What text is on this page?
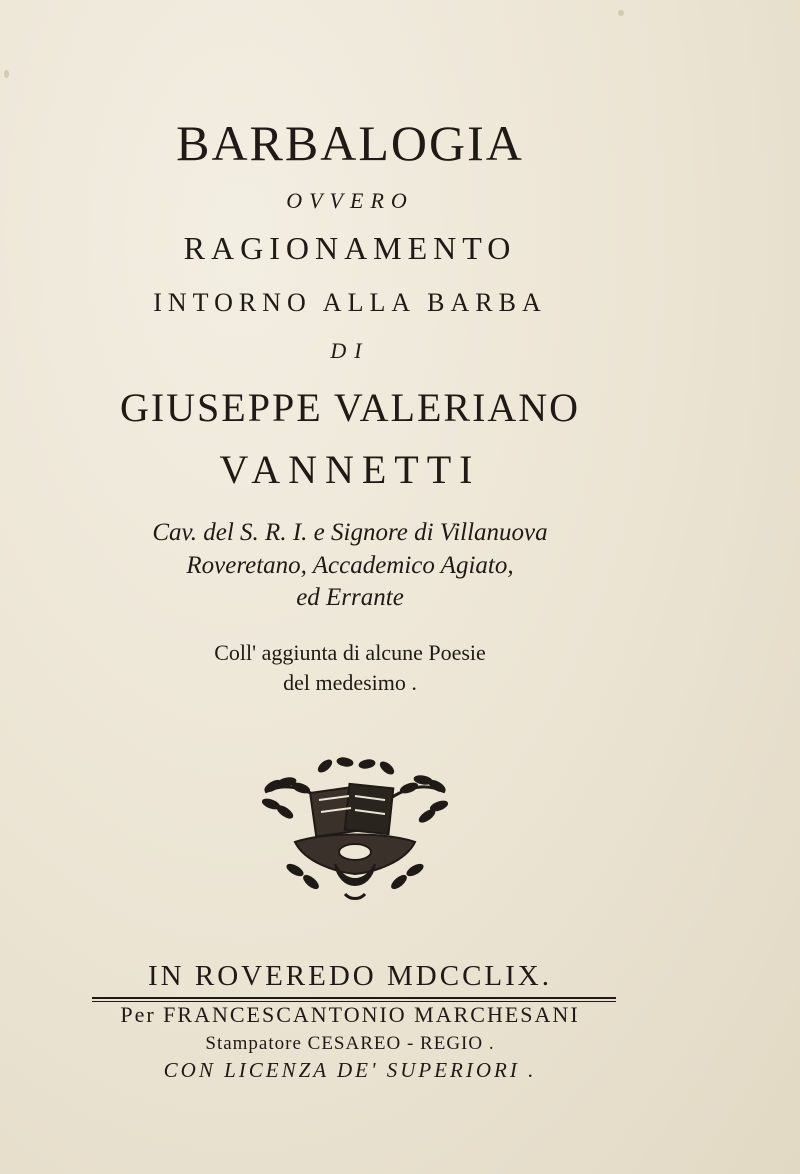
BARBALOGIA
OVVERO
RAGIONAMENTO
INTORNO ALLA BARBA
DI
GIUSEPPE VALERIANO
VANNETTI
Cav. del S. R. I. e Signore di Villanuova
Roveretano, Accademico Agiato,
ed Errante
Coll' aggiunta di alcune Poesie
del medesimo .
IN ROVEREDO MDCCLIX.
Per FRANCESCANTONIO MARCHESANI
Stampatore CESAREO - REGIO .
CON LICENZA DE' SUPERIORI .
